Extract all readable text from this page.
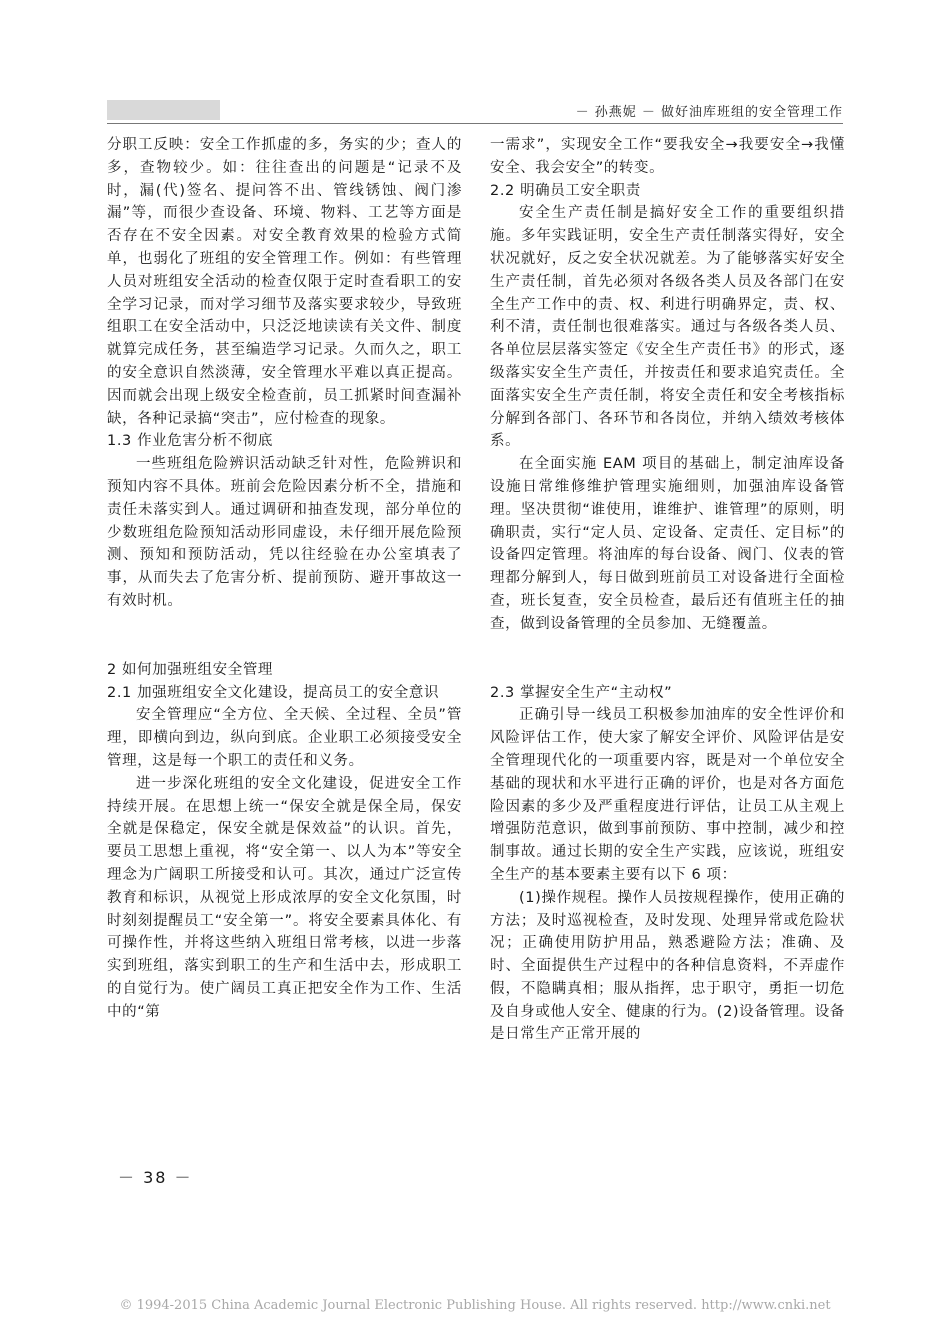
－ 孙燕妮 － 做好油库班组的安全管理工作

分职工反映：安全工作抓虚的多，务实的少；查人的多，查物较少。如：往往查出的问题是“记录不及时，漏(代)签名、提问答不出、管线锈蚀、阀门渗漏”等，而很少查设备、环境、物料、工艺等方面是否存在不安全因素。对安全教育效果的检验方式简单，也弱化了班组的安全管理工作。例如：有些管理人员对班组安全活动的检查仅限于定时查看职工的安全学习记录，而对学习细节及落实要求较少，导致班组职工在安全活动中，只泛泛地读读有关文件、制度就算完成任务，甚至编造学习记录。久而久之，职工的安全意识自然淡薄，安全管理水平难以真正提高。因而就会出现上级安全检查前，员工抓紧时间查漏补缺，各种记录搞“突击”，应付检查的现象。

1.3 作业危害分析不彻底

一些班组危险辨识活动缺乏针对性，危险辨识和预知内容不具体。班前会危险因素分析不全，措施和责任未落实到人。通过调研和抽查发现，部分单位的少数班组危险预知活动形同虚设，未仔细开展危险预测、预知和预防活动，凭以往经验在办公室填表了事，从而失去了危害分析、提前预防、避开事故这一有效时机。

2 如何加强班组安全管理
2.1 加强班组安全文化建设，提高员工的安全意识

安全管理应“全方位、全天候、全过程、全员”管理，即横向到边，纵向到底。企业职工必须接受安全管理，这是每一个职工的责任和义务。

进一步深化班组的安全文化建设，促进安全工作持续开展。在思想上统一“保安全就是保全局，保安全就是保稳定，保安全就是保效益”的认识。首先，要员工思想上重视，将“安全第一、以人为本”等安全理念为广阔职工所接受和认可。其次，通过广泛宣传教育和标识，从视觉上形成浓厚的安全文化氛围，时时刻刻提醒员工“安全第一”。将安全要素具体化、有可操作性，并将这些纳入班组日常考核，以进一步落实到班组，落实到职工的生产和生活中去，形成职工的自觉行为。使广阔员工真正把安全作为工作、生活中的“第

一需求”，实现安全工作“要我安全→我要安全→我懂安全、我会安全”的转变。

2.2 明确员工安全职责

安全生产责任制是搞好安全工作的重要组织措施。多年实践证明，安全生产责任制落实得好，安全状况就好，反之安全状况就差。为了能够落实好安全生产责任制，首先必须对各级各类人员及各部门在安全生产工作中的责、权、利进行明确界定，责、权、利不清，责任制也很难落实。通过与各级各类人员、各单位层层落实签定《安全生产责任书》的形式，逐级落实安全生产责任，并按责任和要求追究责任。全面落实安全生产责任制，将安全责任和安全考核指标分解到各部门、各环节和各岗位，并纳入绩效考核体系。

在全面实施 EAM 项目的基础上，制定油库设备设施日常维修维护管理实施细则，加强油库设备管理。坚决贯彻“谁使用，谁维护、谁管理”的原则，明确职责，实行“定人员、定设备、定责任、定目标”的设备四定管理。将油库的每台设备、阀门、仪表的管理都分解到人，每日做到班前员工对设备进行全面检查，班长复查，安全员检查，最后还有值班主任的抽查，做到设备管理的全员参加、无缝覆盖。

2.3 掌握安全生产“主动权”

正确引导一线员工积极参加油库的安全性评价和风险评估工作，使大家了解安全评价、风险评估是安全管理现代化的一项重要内容，既是对一个单位安全基础的现状和水平进行正确的评价，也是对各方面危险因素的多少及严重程度进行评估，让员工从主观上增强防范意识，做到事前预防、事中控制，减少和控制事故。通过长期的安全生产实践，应该说，班组安全生产的基本要素主要有以下 6 项：

(1)操作规程。操作人员按规程操作，使用正确的方法；及时巡视检查，及时发现、处理异常或危险状况；正确使用防护用品，熟悉避险方法；准确、及时、全面提供生产过程中的各种信息资料，不弄虚作假，不隐瞒真相；服从指挥，忠于职守，勇拒一切危及自身或他人安全、健康的行为。(2)设备管理。设备是日常生产正常开展的

－ 38 －
© 1994-2015 China Academic Journal Electronic Publishing House. All rights reserved. http://www.cnki.net
